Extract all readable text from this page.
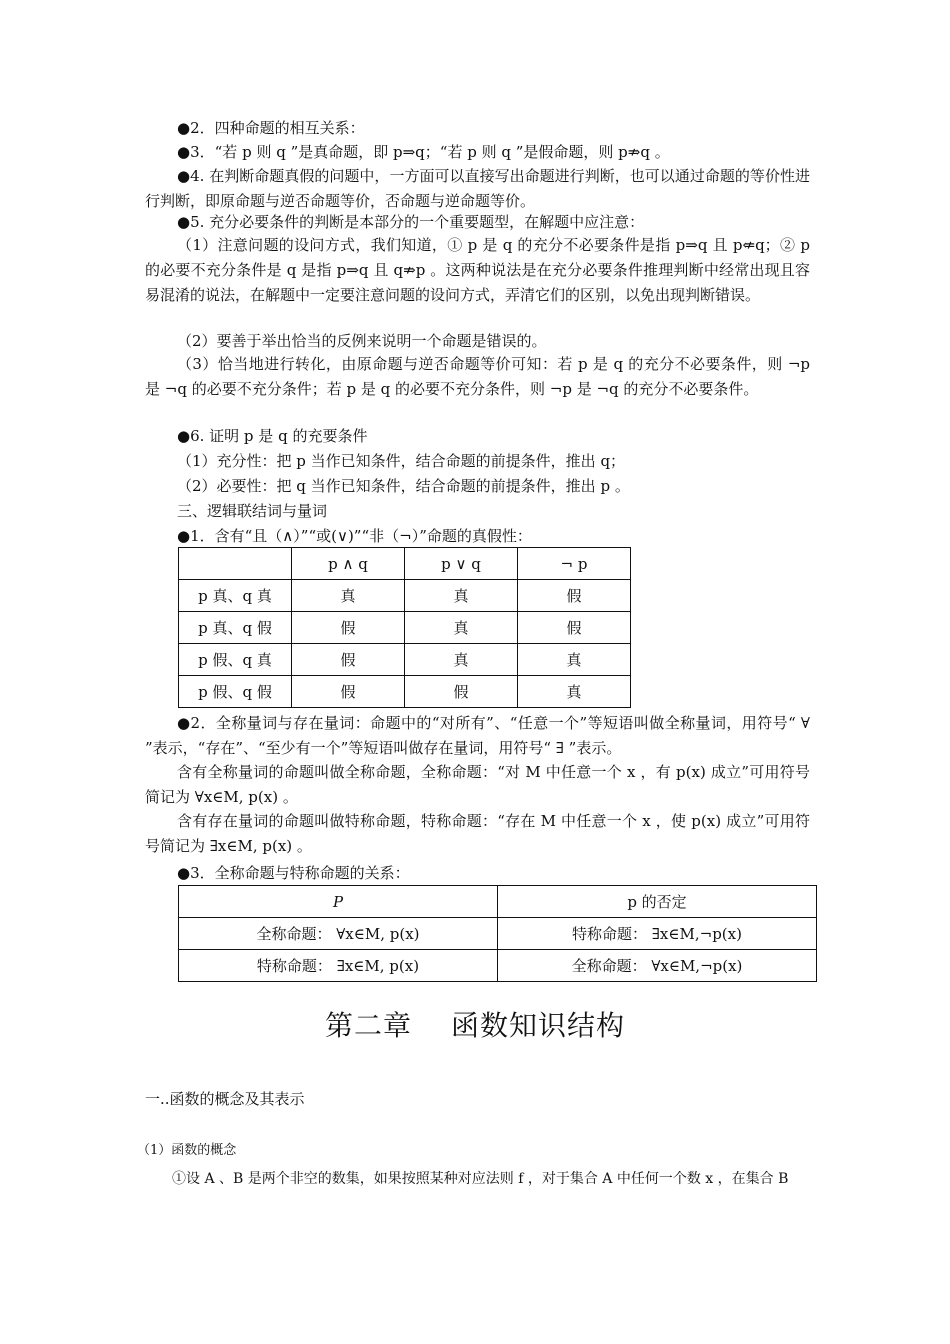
●2．四种命题的相互关系：
●3．“若 p 则 q ”是真命题，即 p⇒q；“若 p 则 q ”是假命题，则 p⇏q 。
●4. 在判断命题真假的问题中，一方面可以直接写出命题进行判断，也可以通过命题的等价性进行判断，即原命题与逆否命题等价，否命题与逆命题等价。
●5. 充分必要条件的判断是本部分的一个重要题型，在解题中应注意：
（1）注意问题的设问方式，我们知道，① p 是 q 的充分不必要条件是指 p⇒q 且 p⇍q；② p 的必要不充分条件是 q 是指 p⇒q 且 q⇏p 。这两种说法是在充分必要条件推理判断中经常出现且容易混淆的说法，在解题中一定要注意问题的设问方式，弄清它们的区别，以免出现判断错误。
（2）要善于举出恰当的反例来说明一个命题是错误的。
（3）恰当地进行转化，由原命题与逆否命题等价可知：若 p 是 q 的充分不必要条件，则 ¬p 是 ¬q 的必要不充分条件；若 p 是 q 的必要不充分条件，则 ¬p 是 ¬q 的充分不必要条件。
●6. 证明 p 是 q 的充要条件
（1）充分性：把 p 当作已知条件，结合命题的前提条件，推出 q；
（2）必要性：把 q 当作已知条件，结合命题的前提条件，推出 p 。
三、逻辑联结词与量词
●1．含有“且（∧）”“或(∨)”“非（¬）”命题的真假性：
	p ∧ q	p ∨ q	¬ p
p 真、q 真	真	真	假
p 真、q 假	假	真	假
p 假、q 真	假	真	真
p 假、q 假	假	假	真
●2．全称量词与存在量词：命题中的“对所有”、“任意一个”等短语叫做全称量词，用符号“ ∀ ”表示，“存在”、“至少有一个”等短语叫做存在量词，用符号“ ∃ ”表示。
含有全称量词的命题叫做全称命题，全称命题：“对 M 中任意一个 x ，有 p(x) 成立”可用符号简记为 ∀x∈M, p(x) 。
含有存在量词的命题叫做特称命题，特称命题：“存在 M 中任意一个 x ，使 p(x) 成立”可用符号简记为 ∃x∈M, p(x) 。
●3．全称命题与特称命题的关系：
P	p 的否定
全称命题： ∀x∈M, p(x)	特称命题： ∃x∈M,¬p(x)
特称命题： ∃x∈M, p(x)	全称命题： ∀x∈M,¬p(x)
第二章　 函数知识结构
一..函数的概念及其表示
（1）函数的概念
①设 A 、B 是两个非空的数集，如果按照某种对应法则 f ，对于集合 A 中任何一个数 x ，在集合 B
